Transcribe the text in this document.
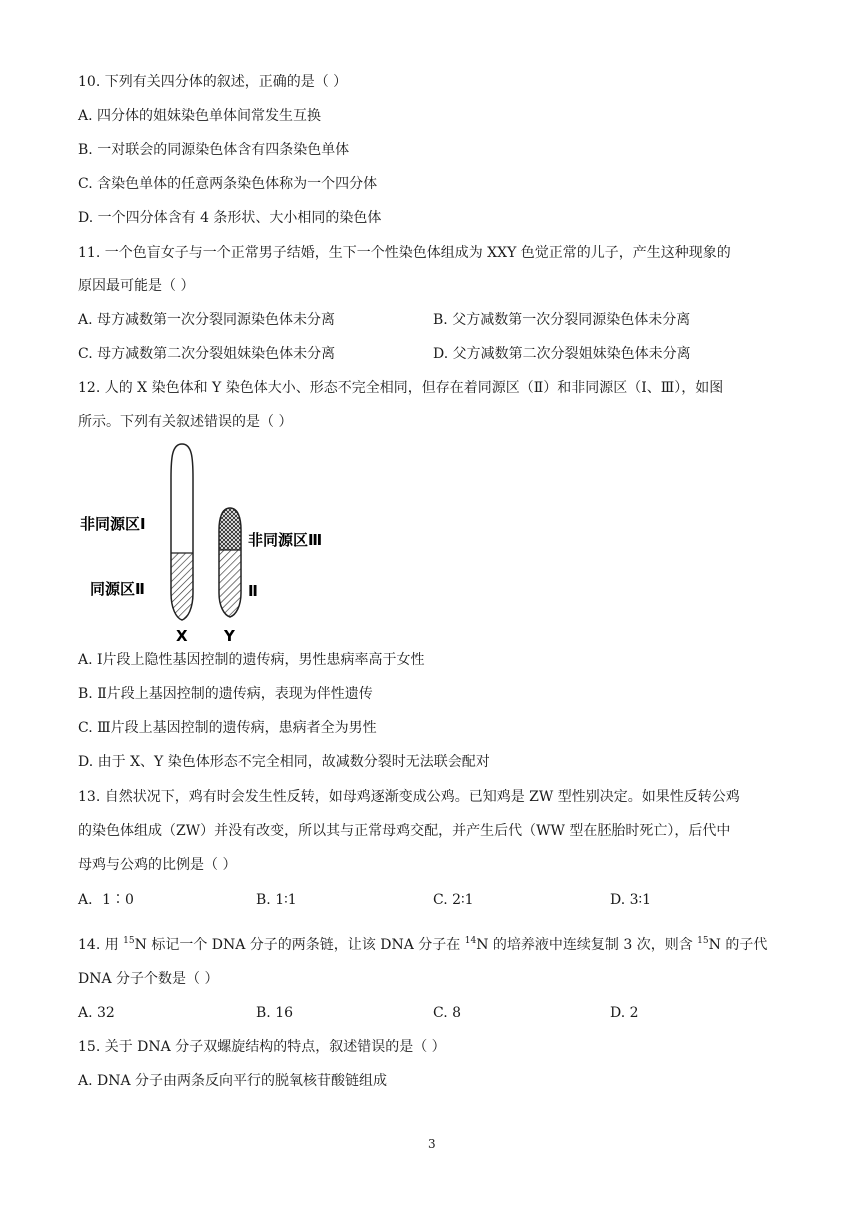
10. 下列有关四分体的叙述，正确的是（ ）
A. 四分体的姐妹染色单体间常发生互换
B. 一对联会的同源染色体含有四条染色单体
C. 含染色单体的任意两条染色体称为一个四分体
D. 一个四分体含有 4 条形状、大小相同的染色体
11. 一个色盲女子与一个正常男子结婚，生下一个性染色体组成为 XXY 色觉正常的儿子，产生这种现象的
原因最可能是（ ）
A. 母方减数第一次分裂同源染色体未分离	B. 父方减数第一次分裂同源染色体未分离
C. 母方减数第二次分裂姐妹染色体未分离	D. 父方减数第二次分裂姐妹染色体未分离
12. 人的 X 染色体和 Y 染色体大小、形态不完全相同，但存在着同源区（Ⅱ）和非同源区（Ⅰ、Ⅲ），如图
所示。下列有关叙述错误的是（ ）
非同源区Ⅰ
同源区Ⅱ
非同源区Ⅲ
Ⅱ
X Y
A. Ⅰ片段上隐性基因控制的遗传病，男性患病率高于女性
B. Ⅱ片段上基因控制的遗传病，表现为伴性遗传
C. Ⅲ片段上基因控制的遗传病，患病者全为男性
D. 由于 X、Y 染色体形态不完全相同，故减数分裂时无法联会配对
13. 自然状况下，鸡有时会发生性反转，如母鸡逐渐变成公鸡。已知鸡是 ZW 型性别决定。如果性反转公鸡
的染色体组成（ZW）并没有改变，所以其与正常母鸡交配，并产生后代（WW 型在胚胎时死亡），后代中
母鸡与公鸡的比例是（ ）
A．1∶0	B. 1∶1	C. 2∶1	D. 3∶1
14. 用 $^{15}$N 标记一个 DNA 分子的两条链，让该 DNA 分子在 $^{14}$N 的培养液中连续复制 3 次，则含 $^{15}$N 的子代
DNA 分子个数是（ ）
A. 32	B. 16	C. 8	D. 2
15. 关于 DNA 分子双螺旋结构的特点，叙述错误的是（ ）
A. DNA 分子由两条反向平行的脱氧核苷酸链组成
3
